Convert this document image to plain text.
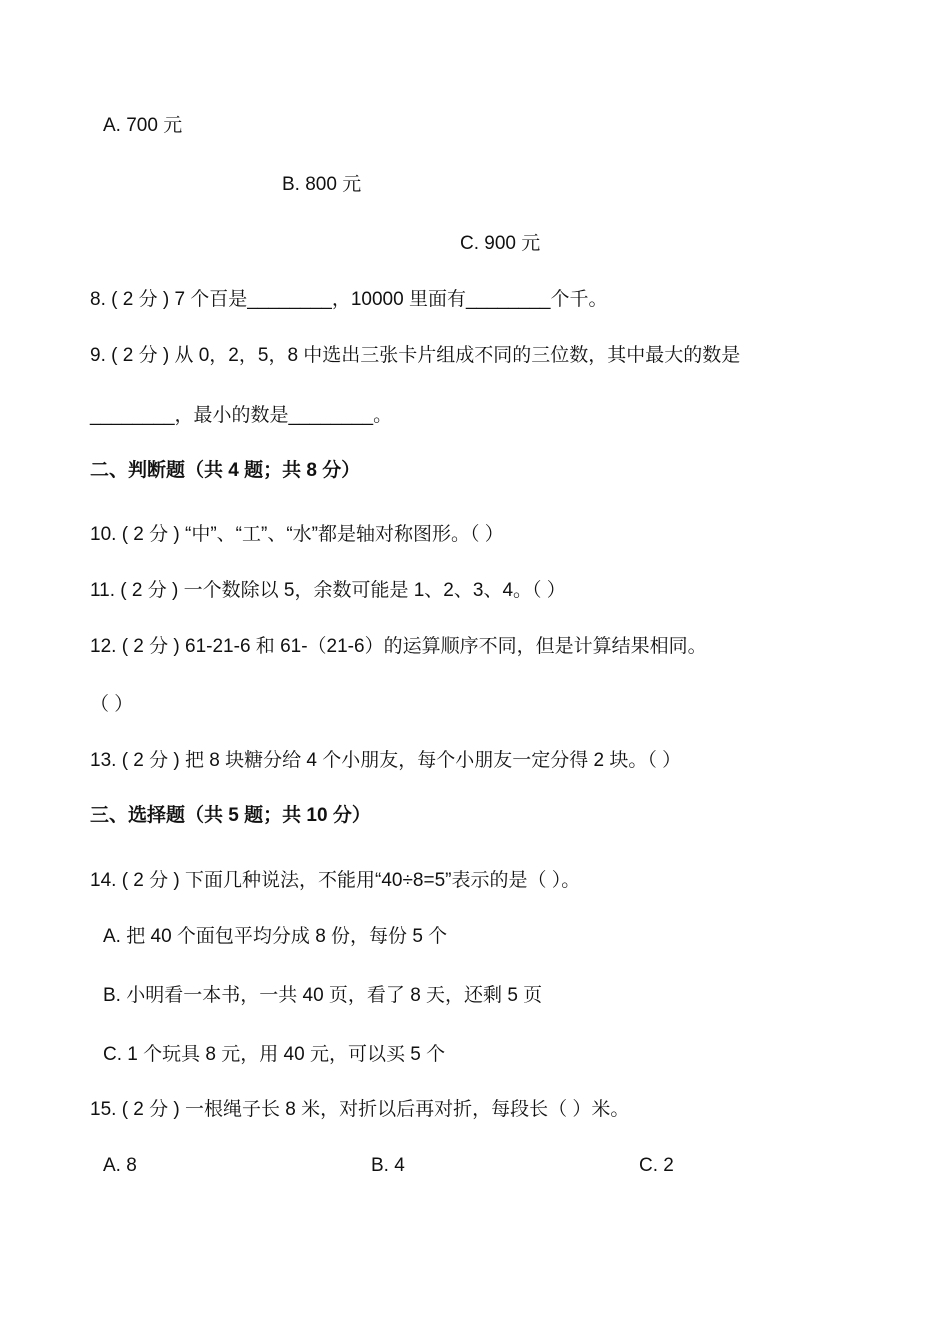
A. 700 元
B. 800 元
C. 900 元
8. ( 2 分 ) 7 个百是________，10000 里面有________个千。
9. ( 2 分 ) 从 0，2，5，8 中选出三张卡片组成不同的三位数，其中最大的数是
________，最小的数是________。
二、判断题（共 4 题；共 8 分）
10. ( 2 分 ) “中”、“工”、“水”都是轴对称图形。（ ）
11. ( 2 分 ) 一个数除以 5，余数可能是 1、2、3、4。（ ）
12. ( 2 分 ) 61-21-6 和 61-（21-6）的运算顺序不同，但是计算结果相同。
（ ）
13. ( 2 分 ) 把 8 块糖分给 4 个小朋友，每个小朋友一定分得 2 块。（ ）
三、选择题（共 5 题；共 10 分）
14. ( 2 分 ) 下面几种说法，不能用“40÷8=5”表示的是（ ）。
A. 把 40 个面包平均分成 8 份，每份 5 个
B. 小明看一本书，一共 40 页，看了 8 天，还剩 5 页
C. 1 个玩具 8 元，用 40 元，可以买 5 个
15. ( 2 分 ) 一根绳子长 8 米，对折以后再对折，每段长（ ）米。
A. 8	B. 4	C. 2
